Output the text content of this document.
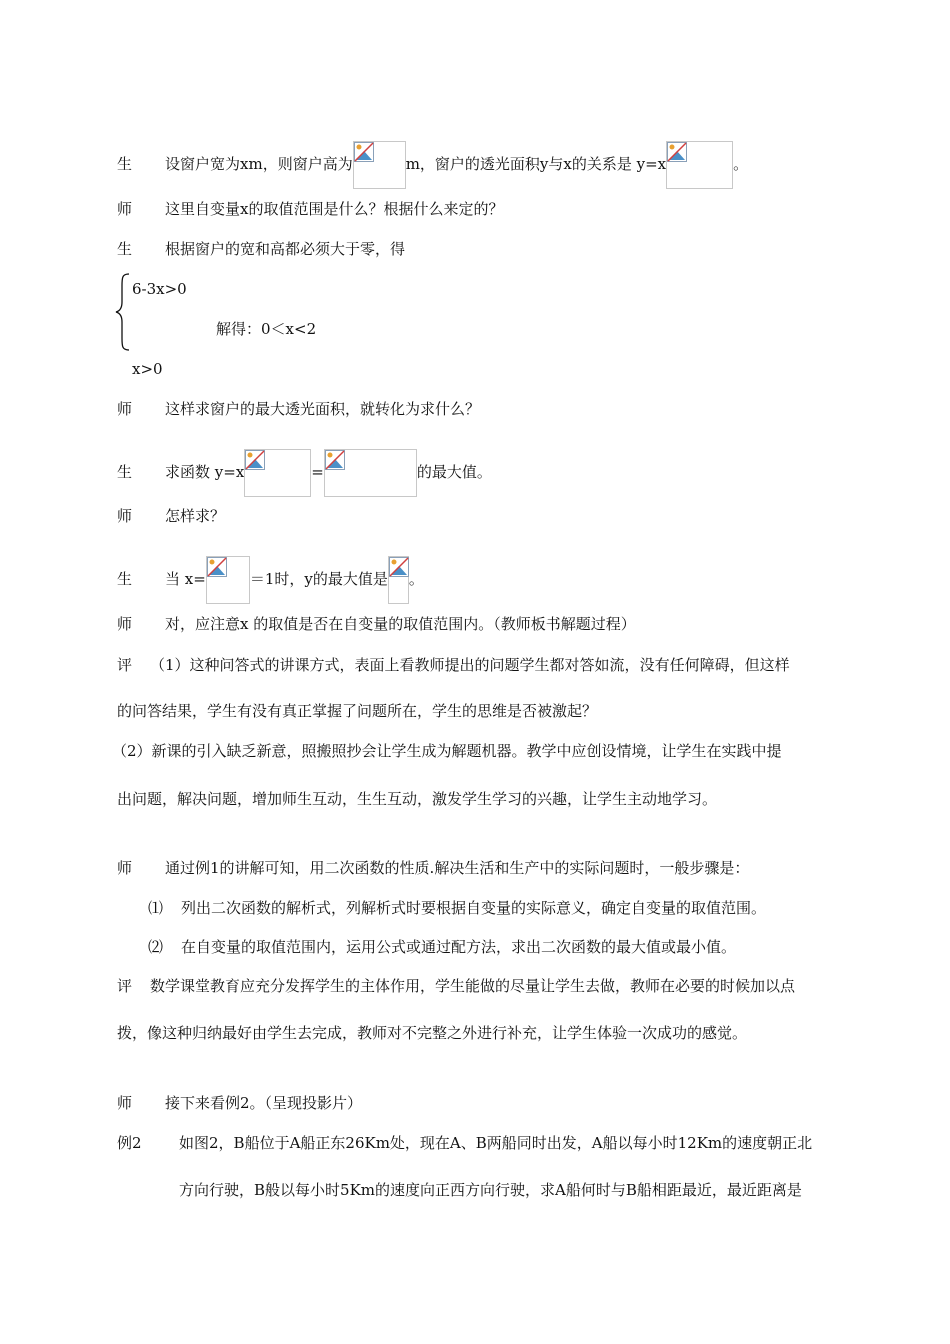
生 设窗户宽为xm，则窗户高为	m，窗户的透光面积y与x的关系是 y=x	。
师 这里自变量x的取值范围是什么？根据什么来定的？
生 根据窗户的宽和高都必须大于零，得
6-3x>0
解得：0＜x<2
x>0
师 这样求窗户的最大透光面积，就转化为求什么？
生 求函数 y=x	=	的最大值。
师 怎样求？
生 当 x=	＝1时，y的最大值是 。
师 对，应注意x 的取值是否在自变量的取值范围内。（教师板书解题过程）
评 （1）这种问答式的讲课方式，表面上看教师提出的问题学生都对答如流，没有任何障碍，但这样
的问答结果，学生有没有真正掌握了问题所在，学生的思维是否被激起？
（2）新课的引入缺乏新意，照搬照抄会让学生成为解题机器。教学中应创设情境，让学生在实践中提
出问题，解决问题，增加师生互动，生生互动，激发学生学习的兴趣，让学生主动地学习。
师 通过例1的讲解可知，用二次函数的性质.解决生活和生产中的实际问题时，一般步骤是：
⑴ 列出二次函数的解析式，列解析式时要根据自变量的实际意义，确定自变量的取值范围。
⑵ 在自变量的取值范围内，运用公式或通过配方法，求出二次函数的最大值或最小值。
评 数学课堂教育应充分发挥学生的主体作用，学生能做的尽量让学生去做，教师在必要的时候加以点
拨，像这种归纳最好由学生去完成，教师对不完整之外进行补充，让学生体验一次成功的感觉。
师 接下来看例2。（呈现投影片）
例2 如图2，B船位于A船正东26Km处，现在A、B两船同时出发，A船以每小时12Km的速度朝正北
方向行驶，B般以每小时5Km的速度向正西方向行驶，求A船何时与B船相距最近，最近距离是
